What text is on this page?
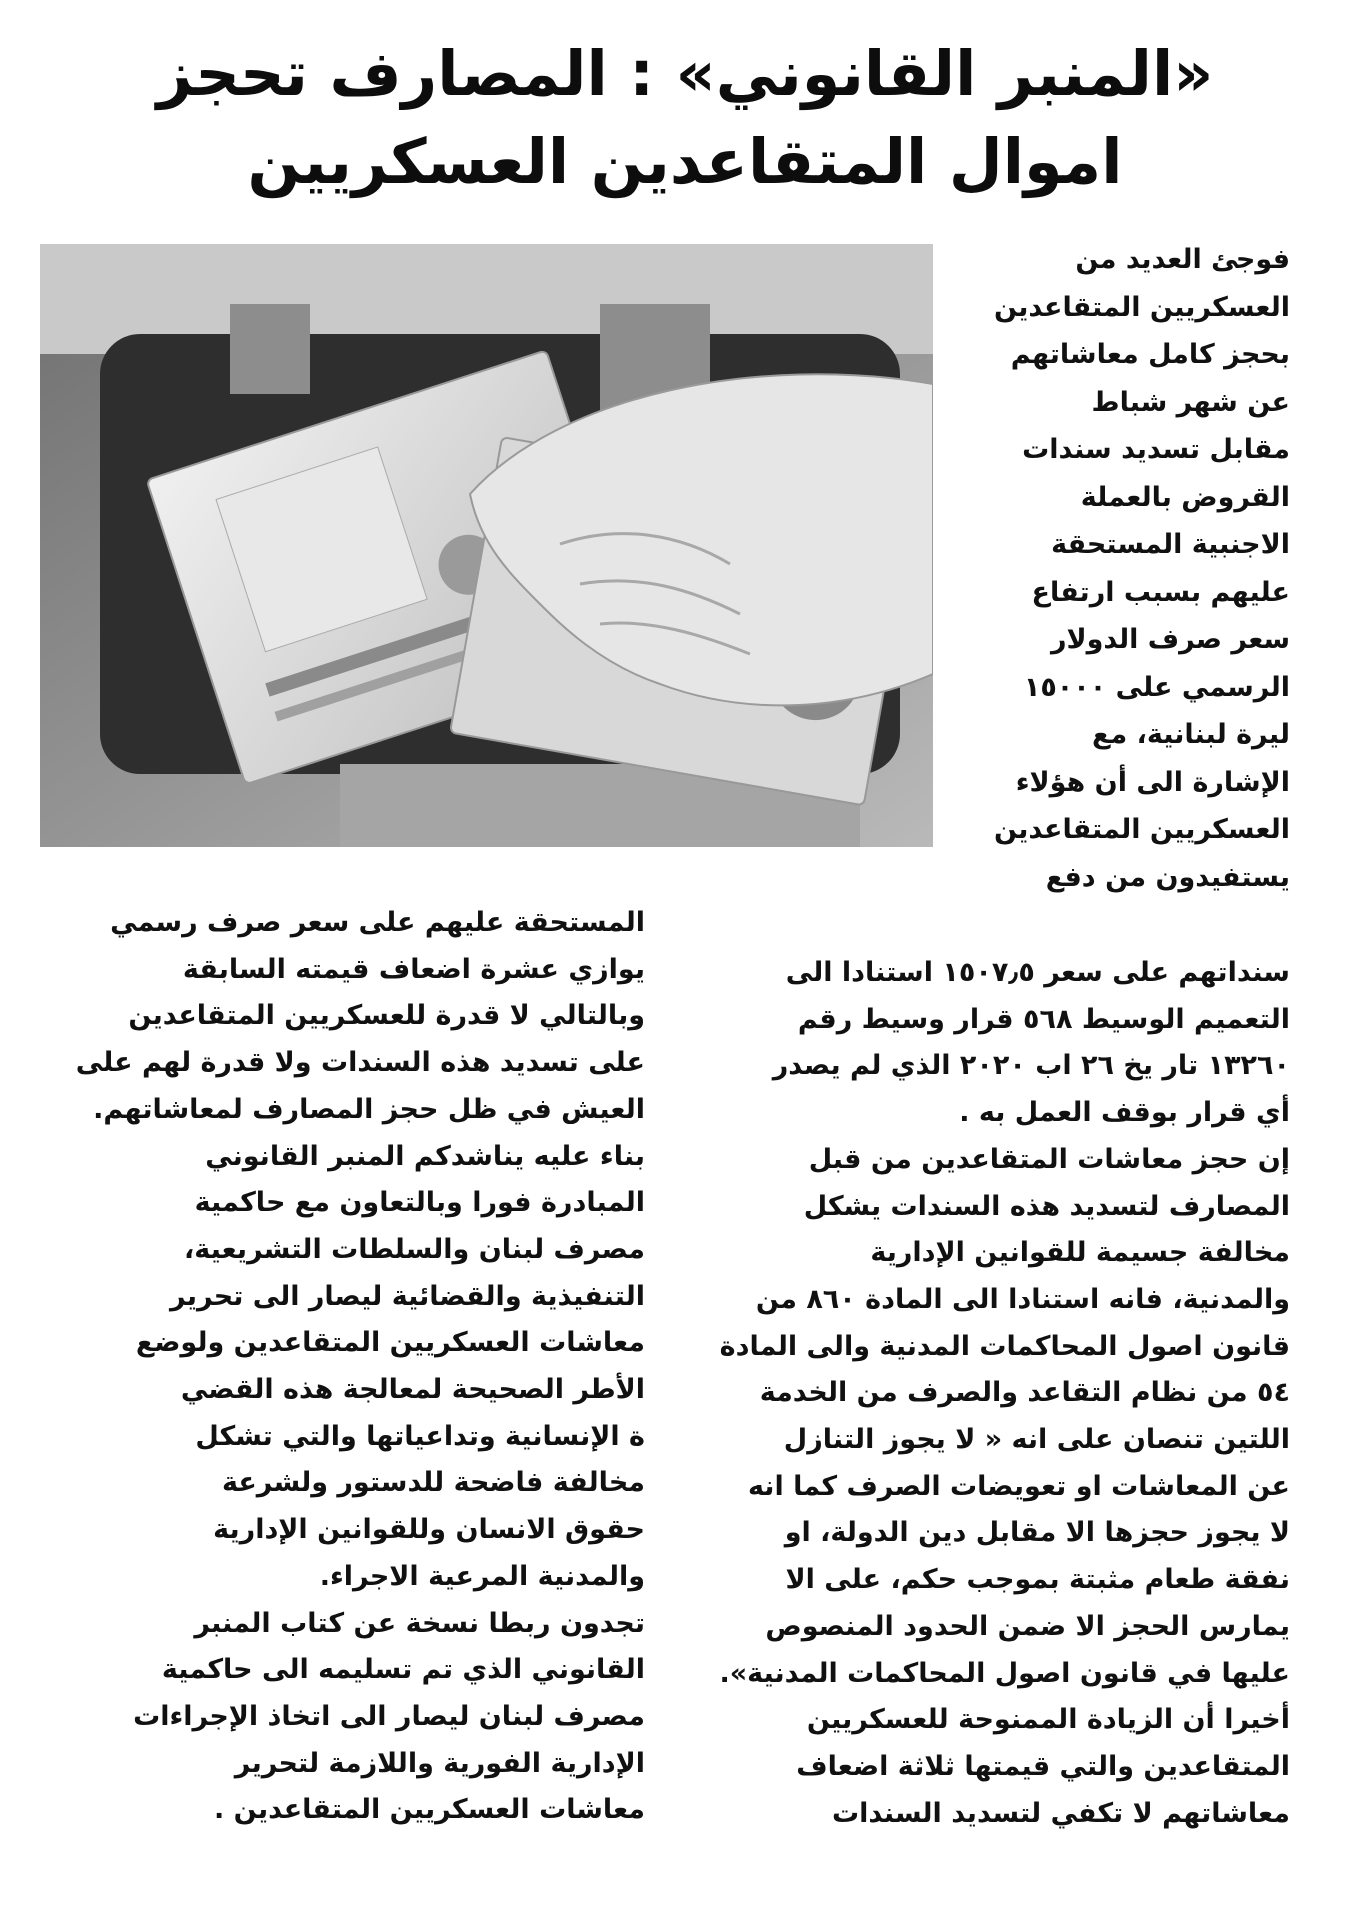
«المنبر القانوني» : المصارف تحجز
اموال المتقاعدين العسكريين
فوجئ العديد من
العسكريين المتقاعدين
بحجز كامل معاشاتهم
عن شهر شباط
مقابل تسديد سندات
القروض بالعملة
الاجنبية المستحقة
عليهم بسبب ارتفاع
سعر صرف الدولار
الرسمي على ١٥٠٠٠
ليرة لبنانية، مع
الإشارة الى أن هؤلاء
العسكريين المتقاعدين
يستفيدون من دفع
سنداتهم على سعر ١٥٠٧٫٥ استنادا الى
التعميم الوسيط ٥٦٨ قرار وسيط رقم
١٣٢٦٠ تار يخ ٢٦ اب ٢٠٢٠ الذي لم يصدر
أي قرار بوقف العمل به .
إن حجز معاشات المتقاعدين من قبل
المصارف لتسديد هذه السندات يشكل
مخالفة جسيمة للقوانين الإدارية
والمدنية، فانه استنادا الى المادة ٨٦٠ من
قانون اصول المحاكمات المدنية والى المادة
٥٤ من نظام التقاعد والصرف من الخدمة
اللتين تنصان على انه « لا يجوز التنازل
عن المعاشات او تعويضات الصرف كما انه
لا يجوز حجزها الا مقابل دين الدولة، او
نفقة طعام مثبتة بموجب حكم، على الا
يمارس الحجز الا ضمن الحدود المنصوص
عليها في قانون اصول المحاكمات المدنية».
أخيرا أن الزيادة الممنوحة للعسكريين
المتقاعدين والتي قيمتها ثلاثة اضعاف
معاشاتهم لا تكفي لتسديد السندات
المستحقة عليهم على سعر صرف رسمي
يوازي عشرة اضعاف قيمته السابقة
وبالتالي لا قدرة للعسكريين المتقاعدين
على تسديد هذه السندات ولا قدرة لهم على
العيش في ظل حجز المصارف لمعاشاتهم.
بناء عليه يناشدكم المنبر القانوني
المبادرة فورا وبالتعاون مع حاكمية
مصرف لبنان والسلطات التشريعية،
التنفيذية والقضائية ليصار الى تحرير
معاشات العسكريين المتقاعدين ولوضع
الأطر الصحيحة لمعالجة هذه القضي
ة الإنسانية وتداعياتها والتي تشكل
مخالفة فاضحة للدستور ولشرعة
حقوق الانسان وللقوانين الإدارية
والمدنية المرعية الاجراء.
تجدون ربطا نسخة عن كتاب المنبر
القانوني الذي تم تسليمه الى حاكمية
مصرف لبنان ليصار الى اتخاذ الإجراءات
الإدارية الفورية واللازمة لتحرير
معاشات العسكريين المتقاعدين .
